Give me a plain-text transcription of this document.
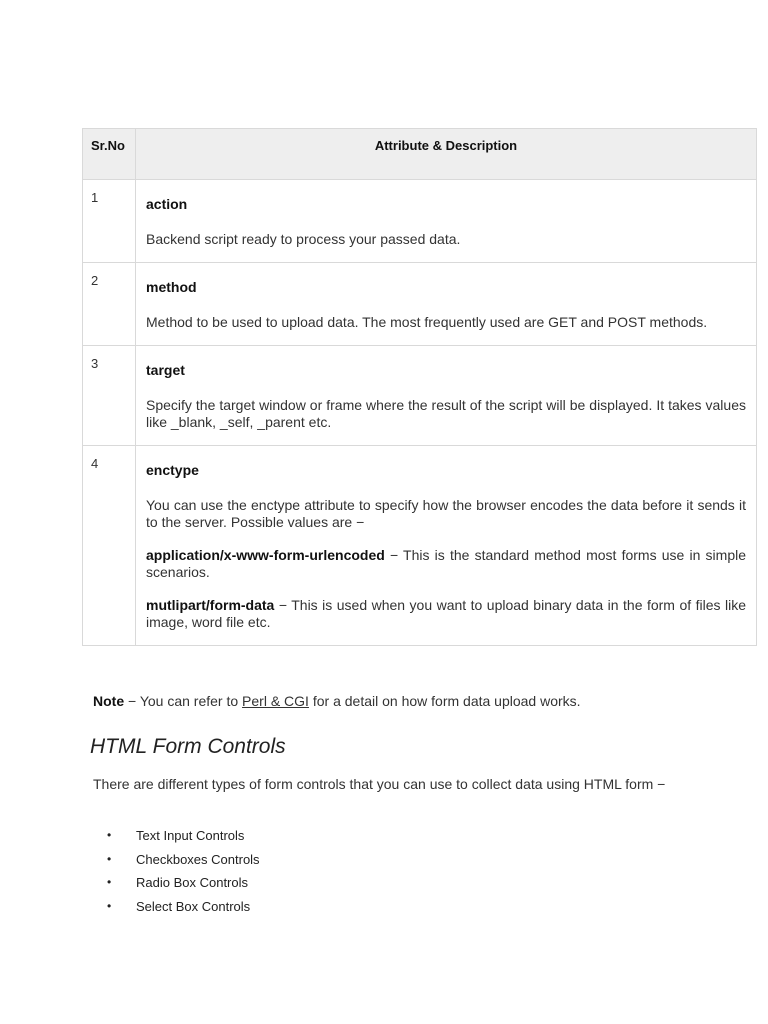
Sr.No	Attribute & Description
1	action

Backend script ready to process your passed data.

2	method

Method to be used to upload data. The most frequently used are GET and POST methods.

3	target

Specify the target window or frame where the result of the script will be displayed. It takes values like _blank, _self, _parent etc.

4	enctype

You can use the enctype attribute to specify how the browser encodes the data before it sends it to the server. Possible values are −

application/x-www-form-urlencoded − This is the standard method most forms use in simple scenarios.

mutlipart/form-data − This is used when you want to upload binary data in the form of files like image, word file etc.

Note − You can refer to Perl & CGI for a detail on how form data upload works.

HTML Form Controls

There are different types of form controls that you can use to collect data using HTML form −

•	Text Input Controls
•	Checkboxes Controls
•	Radio Box Controls
•	Select Box Controls
